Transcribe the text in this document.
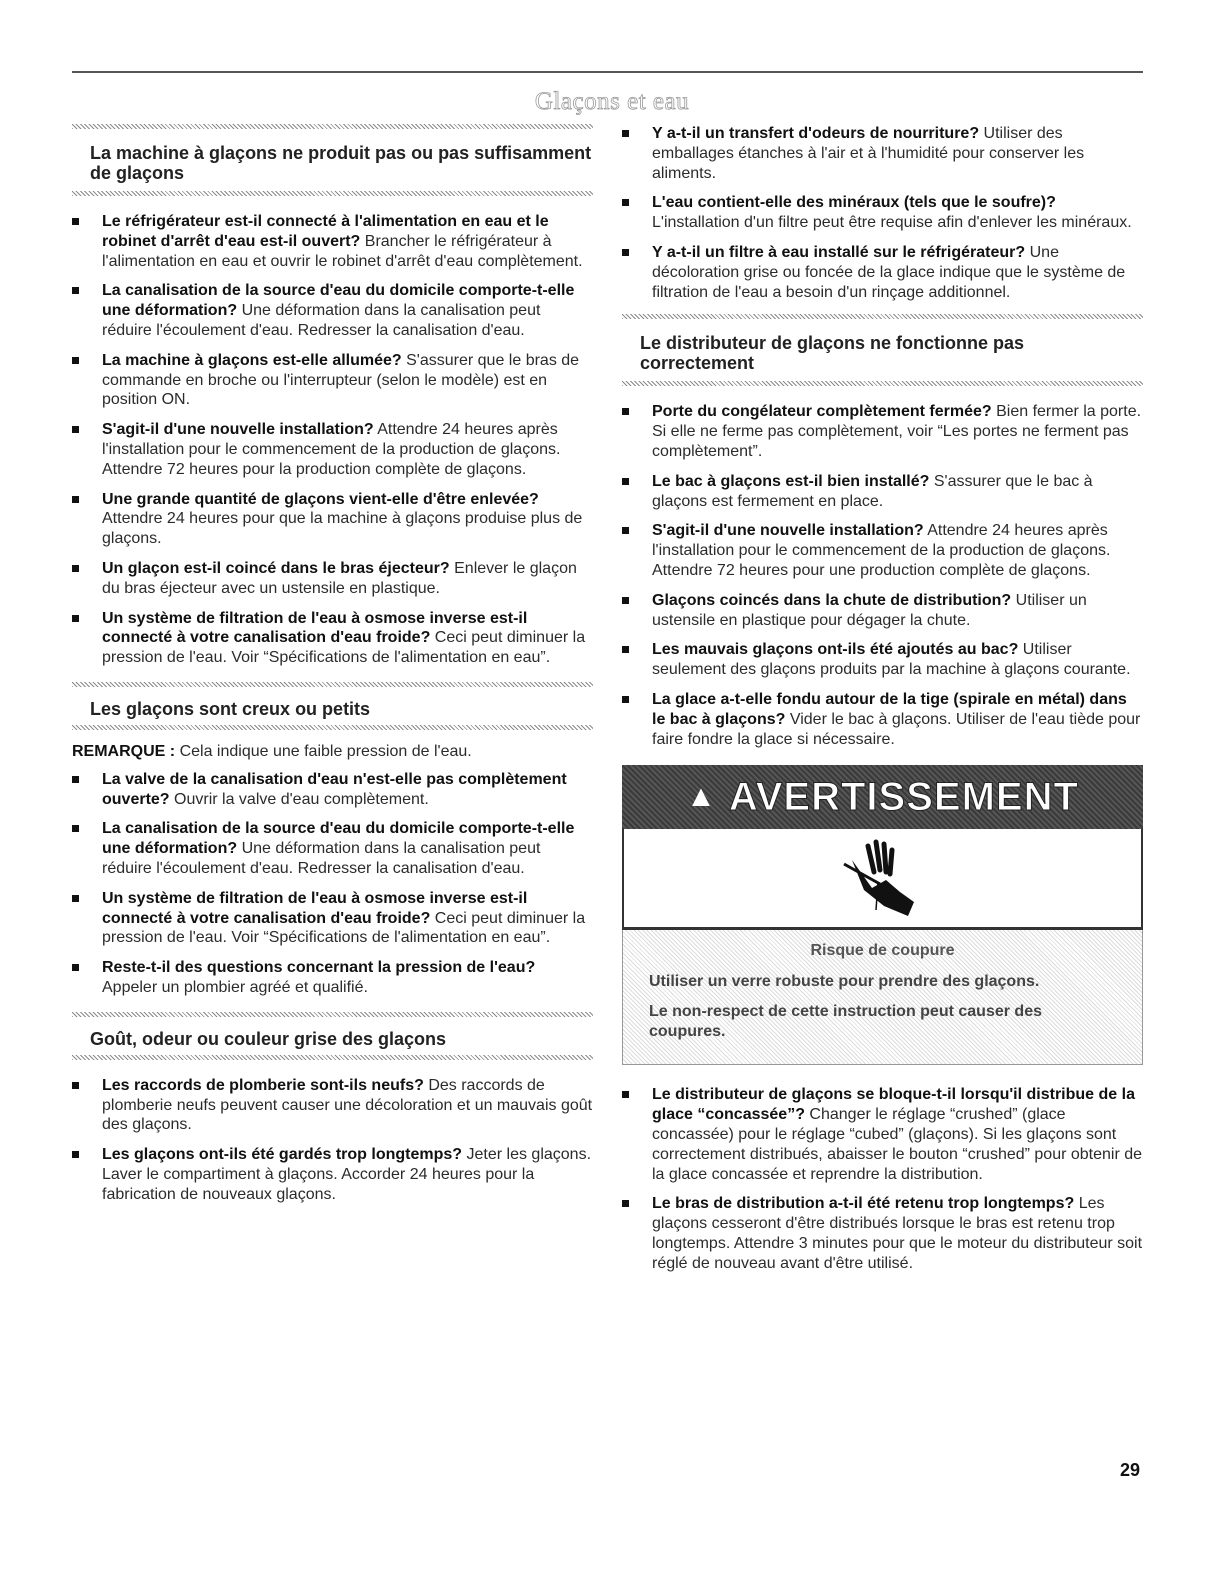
Glaçons et eau
La machine à glaçons ne produit pas ou pas suffisamment de glaçons
Le réfrigérateur est-il connecté à l'alimentation en eau et le robinet d'arrêt d'eau est-il ouvert? Brancher le réfrigérateur à l'alimentation en eau et ouvrir le robinet d'arrêt d'eau complètement.
La canalisation de la source d'eau du domicile comporte-t-elle une déformation? Une déformation dans la canalisation peut réduire l'écoulement d'eau. Redresser la canalisation d'eau.
La machine à glaçons est-elle allumée? S'assurer que le bras de commande en broche ou l'interrupteur (selon le modèle) est en position ON.
S'agit-il d'une nouvelle installation? Attendre 24 heures après l'installation pour le commencement de la production de glaçons. Attendre 72 heures pour la production complète de glaçons.
Une grande quantité de glaçons vient-elle d'être enlevée? Attendre 24 heures pour que la machine à glaçons produise plus de glaçons.
Un glaçon est-il coincé dans le bras éjecteur? Enlever le glaçon du bras éjecteur avec un ustensile en plastique.
Un système de filtration de l'eau à osmose inverse est-il connecté à votre canalisation d'eau froide? Ceci peut diminuer la pression de l'eau. Voir “Spécifications de l'alimentation en eau”.
Les glaçons sont creux ou petits

REMARQUE : Cela indique une faible pression de l'eau.

La valve de la canalisation d'eau n'est-elle pas complètement ouverte? Ouvrir la valve d'eau complètement.
La canalisation de la source d'eau du domicile comporte-t-elle une déformation? Une déformation dans la canalisation peut réduire l'écoulement d'eau. Redresser la canalisation d'eau.
Un système de filtration de l'eau à osmose inverse est-il connecté à votre canalisation d'eau froide? Ceci peut diminuer la pression de l'eau. Voir “Spécifications de l'alimentation en eau”.
Reste-t-il des questions concernant la pression de l'eau? Appeler un plombier agréé et qualifié.
Goût, odeur ou couleur grise des glaçons
Les raccords de plomberie sont-ils neufs? Des raccords de plomberie neufs peuvent causer une décoloration et un mauvais goût des glaçons.
Les glaçons ont-ils été gardés trop longtemps? Jeter les glaçons. Laver le compartiment à glaçons. Accorder 24 heures pour la fabrication de nouveaux glaçons.
Y a-t-il un transfert d'odeurs de nourriture? Utiliser des emballages étanches à l'air et à l'humidité pour conserver les aliments.
L'eau contient-elle des minéraux (tels que le soufre)? L'installation d'un filtre peut être requise afin d'enlever les minéraux.
Y a-t-il un filtre à eau installé sur le réfrigérateur? Une décoloration grise ou foncée de la glace indique que le système de filtration de l'eau a besoin d'un rinçage additionnel.
Le distributeur de glaçons ne fonctionne pas correctement
Porte du congélateur complètement fermée? Bien fermer la porte. Si elle ne ferme pas complètement, voir “Les portes ne ferment pas complètement”.
Le bac à glaçons est-il bien installé? S'assurer que le bac à glaçons est fermement en place.
S'agit-il d'une nouvelle installation? Attendre 24 heures après l'installation pour le commencement de la production de glaçons. Attendre 72 heures pour une production complète de glaçons.
Glaçons coincés dans la chute de distribution? Utiliser un ustensile en plastique pour dégager la chute.
Les mauvais glaçons ont-ils été ajoutés au bac? Utiliser seulement des glaçons produits par la machine à glaçons courante.
La glace a-t-elle fondu autour de la tige (spirale en métal) dans le bac à glaçons? Vider le bac à glaçons. Utiliser de l'eau tiède pour faire fondre la glace si nécessaire.
▲ AVERTISSEMENT
Risque de coupure

Utiliser un verre robuste pour prendre des glaçons.

Le non-respect de cette instruction peut causer des coupures.

Le distributeur de glaçons se bloque-t-il lorsqu'il distribue de la glace “concassée”? Changer le réglage “crushed” (glace concassée) pour le réglage “cubed” (glaçons). Si les glaçons sont correctement distribués, abaisser le bouton “crushed” pour obtenir de la glace concassée et reprendre la distribution.
Le bras de distribution a-t-il été retenu trop longtemps? Les glaçons cesseront d'être distribués lorsque le bras est retenu trop longtemps. Attendre 3 minutes pour que le moteur du distributeur soit réglé de nouveau avant d'être utilisé.
29
